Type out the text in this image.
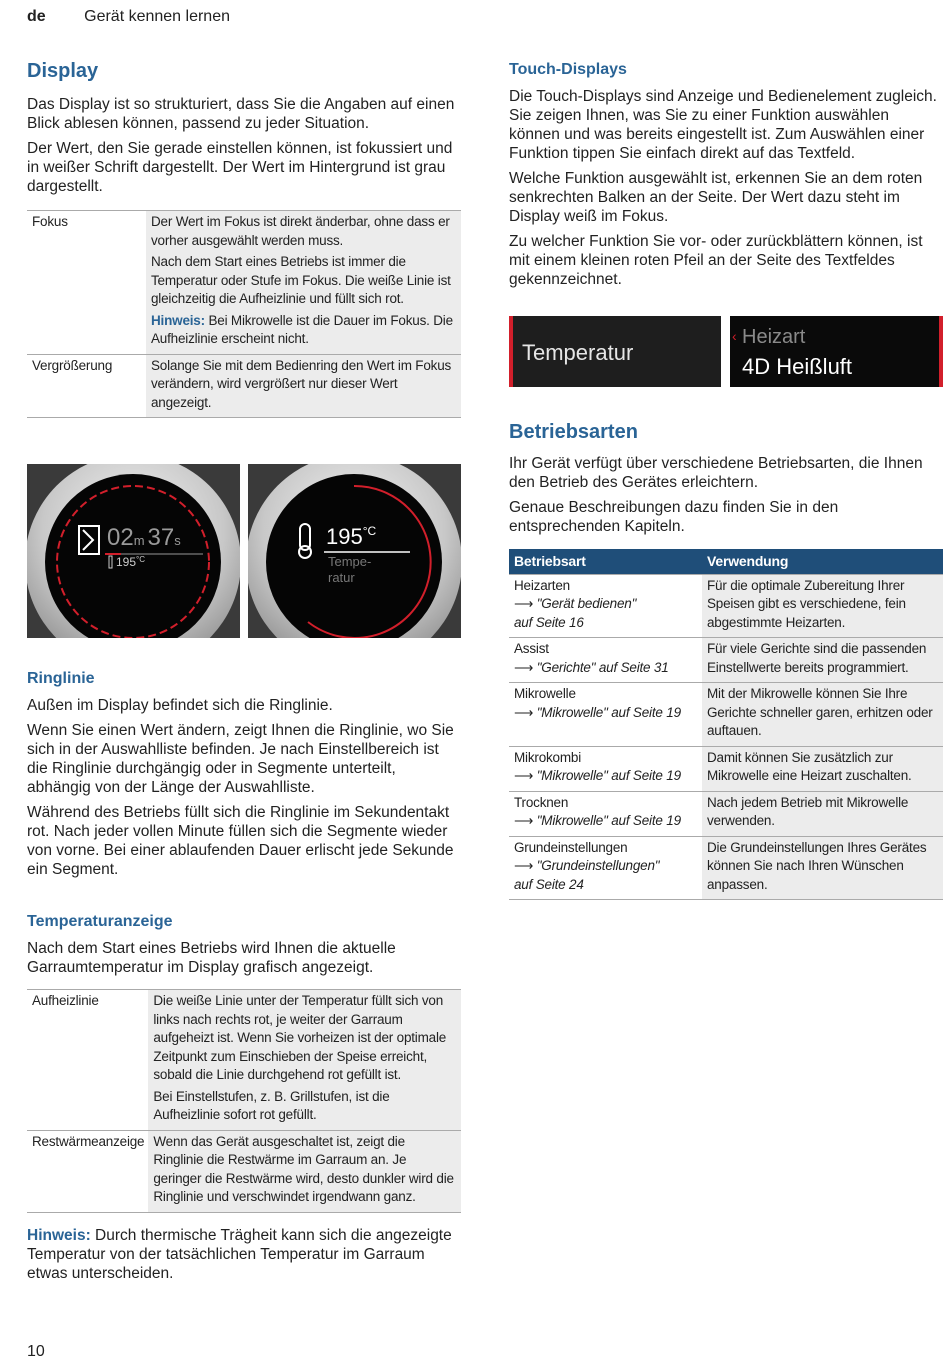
de Gerät kennen lernen
Display

Das Display ist so strukturiert, dass Sie die Angaben auf einen Blick ablesen können, passend zu jeder Situation.

Der Wert, den Sie gerade einstellen können, ist fokussiert und in weißer Schrift dargestellt. Der Wert im Hintergrund ist grau dargestellt.

Fokus	Der Wert im Fokus ist direkt änderbar, ohne dass er vorher ausgewählt werden muss.
Nach dem Start eines Betriebs ist immer die Temperatur oder Stufe im Fokus. Die weiße Linie ist gleichzeitig die Aufheizlinie und füllt sich rot.
Hinweis: Bei Mikrowelle ist die Dauer im Fokus. Die Aufheizlinie erscheint nicht.

Vergrößerung	Solange Sie mit dem Bedienring den Wert im Fokus verändern, wird vergrößert nur dieser Wert angezeigt.
02m 37s
$195^{^\circ C}$
$195^{^\circ C}$
Tempe-
ratur
Ringlinie

Außen im Display befindet sich die Ringlinie.

Wenn Sie einen Wert ändern, zeigt Ihnen die Ringlinie, wo Sie sich in der Auswahlliste befinden. Je nach Einstellbereich ist die Ringlinie durchgängig oder in Segmente unterteilt, abhängig von der Länge der Auswahlliste.

Während des Betriebs füllt sich die Ringlinie im Sekundentakt rot. Nach jeder vollen Minute füllen sich die Segmente wieder von vorne. Bei einer ablaufenden Dauer erlischt jede Sekunde ein Segment.

Temperaturanzeige

Nach dem Start eines Betriebs wird Ihnen die aktuelle Garraumtemperatur im Display grafisch angezeigt.

Aufheizlinie	Die weiße Linie unter der Temperatur füllt sich von links nach rechts rot, je weiter der Garraum aufgeheizt ist. Wenn Sie vorheizen ist der optimale Zeitpunkt zum Einschieben der Speise erreicht, sobald die Linie durchgehend rot gefüllt ist.
Bei Einstellstufen, z. B. Grillstufen, ist die Aufheizlinie sofort rot gefüllt.

Restwärmeanzeige	Wenn das Gerät ausgeschaltet ist, zeigt die Ringlinie die Restwärme im Garraum an. Je geringer die Restwärme wird, desto dunkler wird die Ringlinie und verschwindet irgendwann ganz.

Hinweis: Durch thermische Trägheit kann sich die angezeigte Temperatur von der tatsächlichen Temperatur im Garraum etwas unterscheiden.

Touch-Displays

Die Touch-Displays sind Anzeige und Bedienelement zugleich. Sie zeigen Ihnen, was Sie zu einer Funktion auswählen können und was bereits eingestellt ist. Zum Auswählen einer Funktion tippen Sie einfach direkt auf das Textfeld.

Welche Funktion ausgewählt ist, erkennen Sie an dem roten senkrechten Balken an der Seite. Der Wert dazu steht im Display weiß im Fokus.

Zu welcher Funktion Sie vor- oder zurückblättern können, ist mit einem kleinen roten Pfeil an der Seite des Textfeldes gekennzeichnet.

Temperatur
‹ Heizart
4D Heißluft
Betriebsarten

Ihr Gerät verfügt über verschiedene Betriebsarten, die Ihnen den Betrieb des Gerätes erleichtern.

Genaue Beschreibungen dazu finden Sie in den entsprechenden Kapiteln.

Betriebsart	Verwendung

Heizarten
⟶ "Gerät bedienen"
auf Seite 16	Für die optimale Zubereitung Ihrer Speisen gibt es verschiedene, fein abgestimmte Heizarten.

Assist
⟶ "Gerichte" auf Seite 31	Für viele Gerichte sind die passenden Einstellwerte bereits programmiert.

Mikrowelle
⟶ "Mikrowelle" auf Seite 19	Mit der Mikrowelle können Sie Ihre Gerichte schneller garen, erhitzen oder auftauen.

Mikrokombi
⟶ "Mikrowelle" auf Seite 19	Damit können Sie zusätzlich zur Mikrowelle eine Heizart zuschalten.

Trocknen
⟶ "Mikrowelle" auf Seite 19	Nach jedem Betrieb mit Mikrowelle verwenden.

Grundeinstellungen
⟶ "Grundeinstellungen"
auf Seite 24	Die Grundeinstellungen Ihres Gerätes können Sie nach Ihren Wünschen anpassen.
10
